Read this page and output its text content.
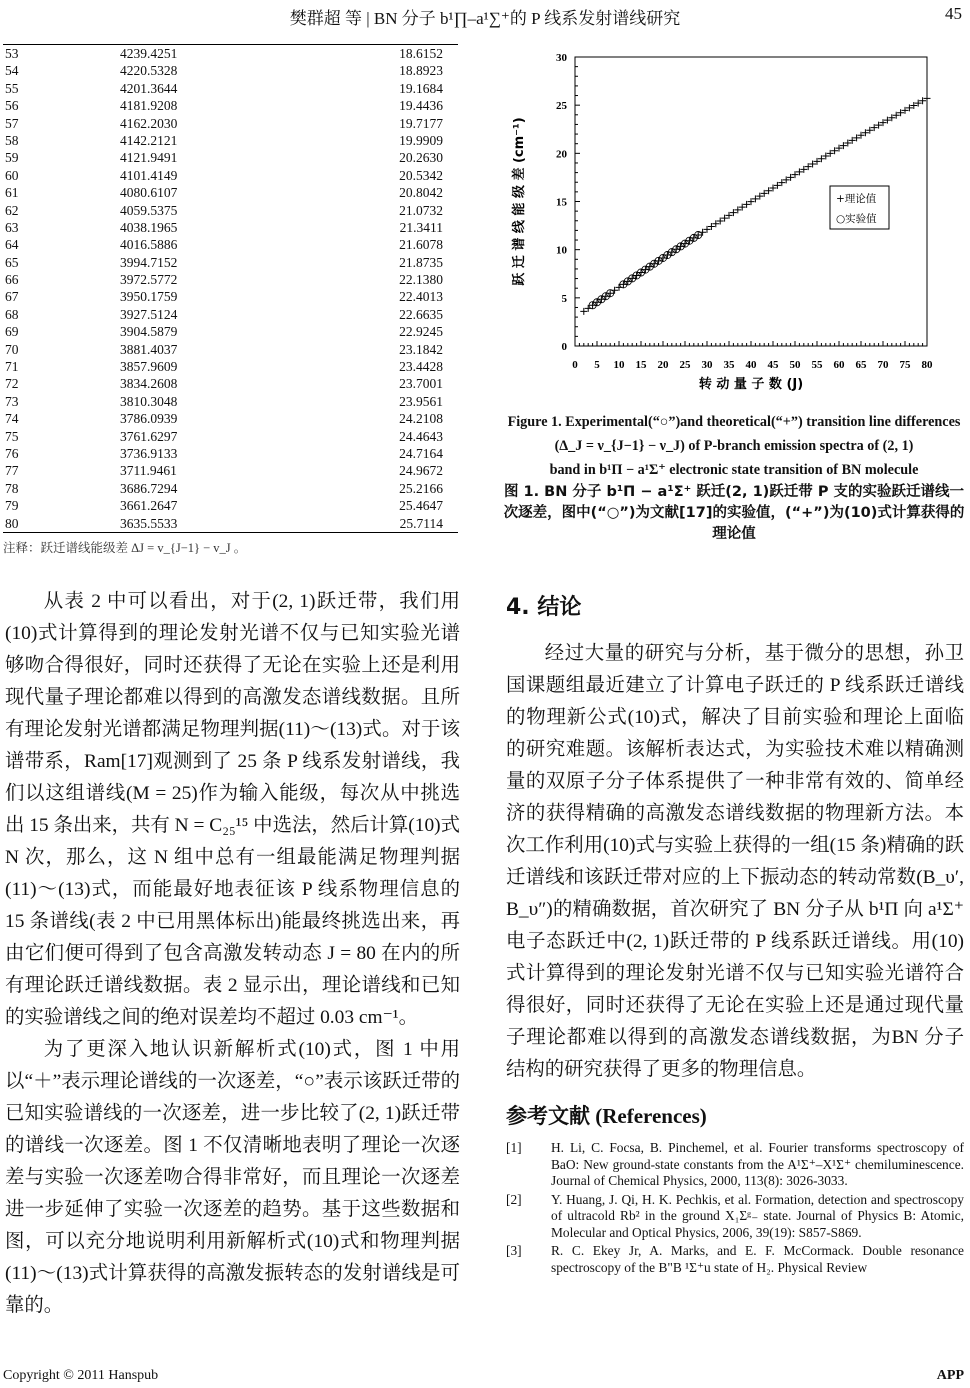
樊群超 等 | BN 分子 b¹∏–a¹∑⁺的 P 线系发射谱线研究	45
53	4239.4251	18.6152
54	4220.5328	18.8923
55	4201.3644	19.1684
56	4181.9208	19.4436
57	4162.2030	19.7177
58	4142.2121	19.9909
59	4121.9491	20.2630
60	4101.4149	20.5342
61	4080.6107	20.8042
62	4059.5375	21.0732
63	4038.1965	21.3411
64	4016.5886	21.6078
65	3994.7152	21.8735
66	3972.5772	22.1380
67	3950.1759	22.4013
68	3927.5124	22.6635
69	3904.5879	22.9245
70	3881.4037	23.1842
71	3857.9609	23.4428
72	3834.2608	23.7001
73	3810.3048	23.9561
74	3786.0939	24.2108
75	3761.6297	24.4643
76	3736.9133	24.7164
77	3711.9461	24.9672
78	3686.7294	25.2166
79	3661.2647	25.4647
80	3635.5533	25.7114
注释：跃迁谱线能级差 ΔJ = v_{J−1} − v_J 。

从表 2 中可以看出，对于(2, 1)跃迁带，我们用(10)式计算得到的理论发射光谱不仅与已知实验光谱够吻合得很好，同时还获得了无论在实验上还是利用现代量子理论都难以得到的高激发态谱线数据。且所有理论发射光谱都满足物理判据(11)～(13)式。对于该谱带系，Ram[17]观测到了 25 条 P 线系发射谱线，我们以这组谱线(M = 25)作为输入能级，每次从中挑选出 15 条出来，共有 N = C₂₅¹⁵ 中选法，然后计算(10)式 N 次，那么，这 N 组中总有一组最能满足物理判据(11)～(13)式，而能最好地表征该 P 线系物理信息的 15 条谱线(表 2 中已用黑体标出)能最终挑选出来，再由它们便可得到了包含高激发转动态 J = 80 在内的所有理论跃迁谱线数据。表 2 显示出，理论谱线和已知的实验谱线之间的绝对误差均不超过 0.03 cm⁻¹。

为了更深入地认识新解析式(10)式，图 1 中用以“＋”表示理论谱线的一次逐差，“○”表示该跃迁带的已知实验谱线的一次逐差，进一步比较了(2, 1)跃迁带的谱线一次逐差。图 1 不仅清晰地表明了理论一次逐差与实验一次逐差吻合得非常好，而且理论一次逐差进一步延伸了实验一次逐差的趋势。基于这些数据和图，可以充分地说明利用新解析式(10)式和物理判据(11)～(13)式计算获得的高激发振转态的发射谱线是可靠的。

0 5 10 15 20 25 30 35 40 45 50 55 60 65 70 75 80
0
5
10
15
20
25
30
转 动 量 子 数 (J)
跃 迁 谱 线 能 级 差 (cm⁻¹)	+理论值
○实验值
Figure 1. Experimental(“○”)and theoretical(“+”) transition line differences (Δ_J = ν_{J−1} − ν_J) of P-branch emission spectra of (2, 1)
band in b¹Π − a¹Σ⁺ electronic state transition of BN molecule
图 1. BN 分子 b¹Π − a¹Σ⁺ 跃迁(2, 1)跃迁带 P 支的实验跃迁谱线一次逐差，图中(“○”)为文献[17]的实验值，(“+”)为(10)式计算获得的理论值
4. 结论

经过大量的研究与分析，基于微分的思想，孙卫国课题组最近建立了计算电子跃迁的 P 线系跃迁谱线的物理新公式(10)式，解决了目前实验和理论上面临的研究难题。该解析表达式，为实验技术难以精确测量的双原子分子体系提供了一种非常有效的、简单经济的获得精确的高激发态谱线数据的物理新方法。本次工作利用(10)式与实验上获得的一组(15 条)精确的跃迁谱线和该跃迁带对应的上下振动态的转动常数(B_υ′, B_υ″)的精确数据，首次研究了 BN 分子从 b¹Π 向 a¹Σ⁺ 电子态跃迁中(2, 1)跃迁带的 P 线系跃迁谱线。用(10)式计算得到的理论发射光谱不仅与已知实验光谱符合得很好，同时还获得了无论在实验上还是通过现代量子理论都难以得到的高激发态谱线数据，为BN 分子结构的研究获得了更多的物理信息。

参考文献 (References)
[1]	H. Li, C. Focsa, B. Pinchemel, et al. Fourier transforms spectroscopy of BaO: New ground-state constants from the A¹Σ⁺–X¹Σ⁺ chemiluminescence. Journal of Chemical Physics, 2000, 113(8): 3026-3033.
[2]	Y. Huang, J. Qi, H. K. Pechkis, et al. Formation, detection and spectroscopy of ultracold Rb² in the ground X₁Σᵍ₋ state. Journal of Physics B: Atomic, Molecular and Optical Physics, 2006, 39(19): S857-S869.
[3]	R. C. Ekey Jr, A. Marks, and E. F. McCormack. Double resonance spectroscopy of the B"B ¹Σ⁺u state of H₂. Physical Review
Copyright © 2011 Hanspub	APP
